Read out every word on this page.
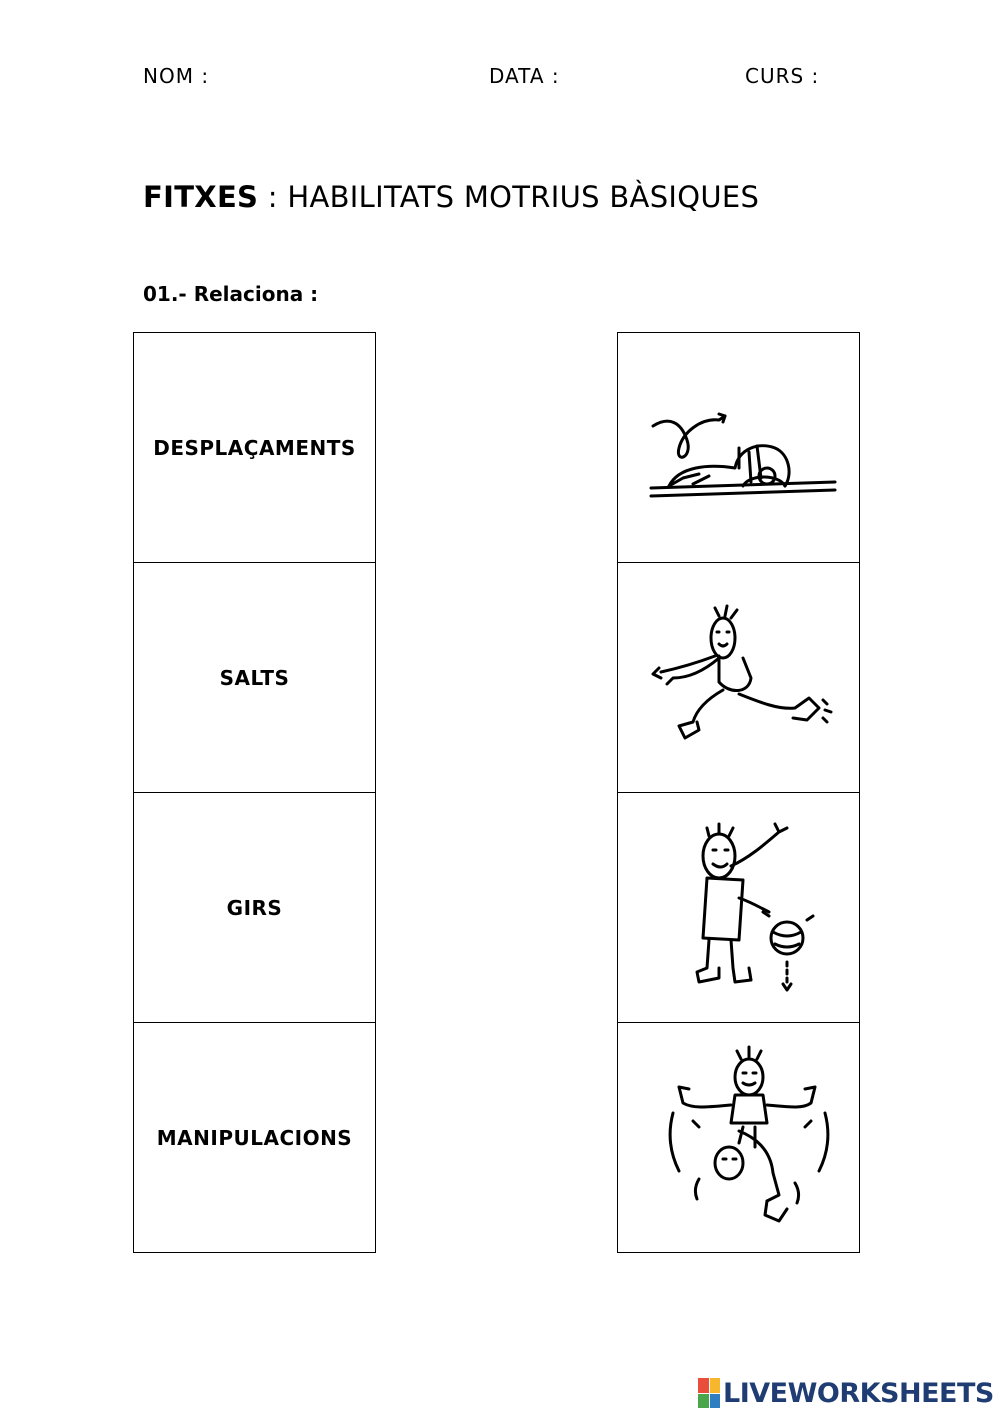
NOM :	DATA :	CURS :
FITXES : HABILITATS MOTRIUS BÀSIQUES
01.- Relaciona :
DESPLAÇAMENTS
SALTS
GIRS
MANIPULACIONS
LIVEWORKSHEETS
